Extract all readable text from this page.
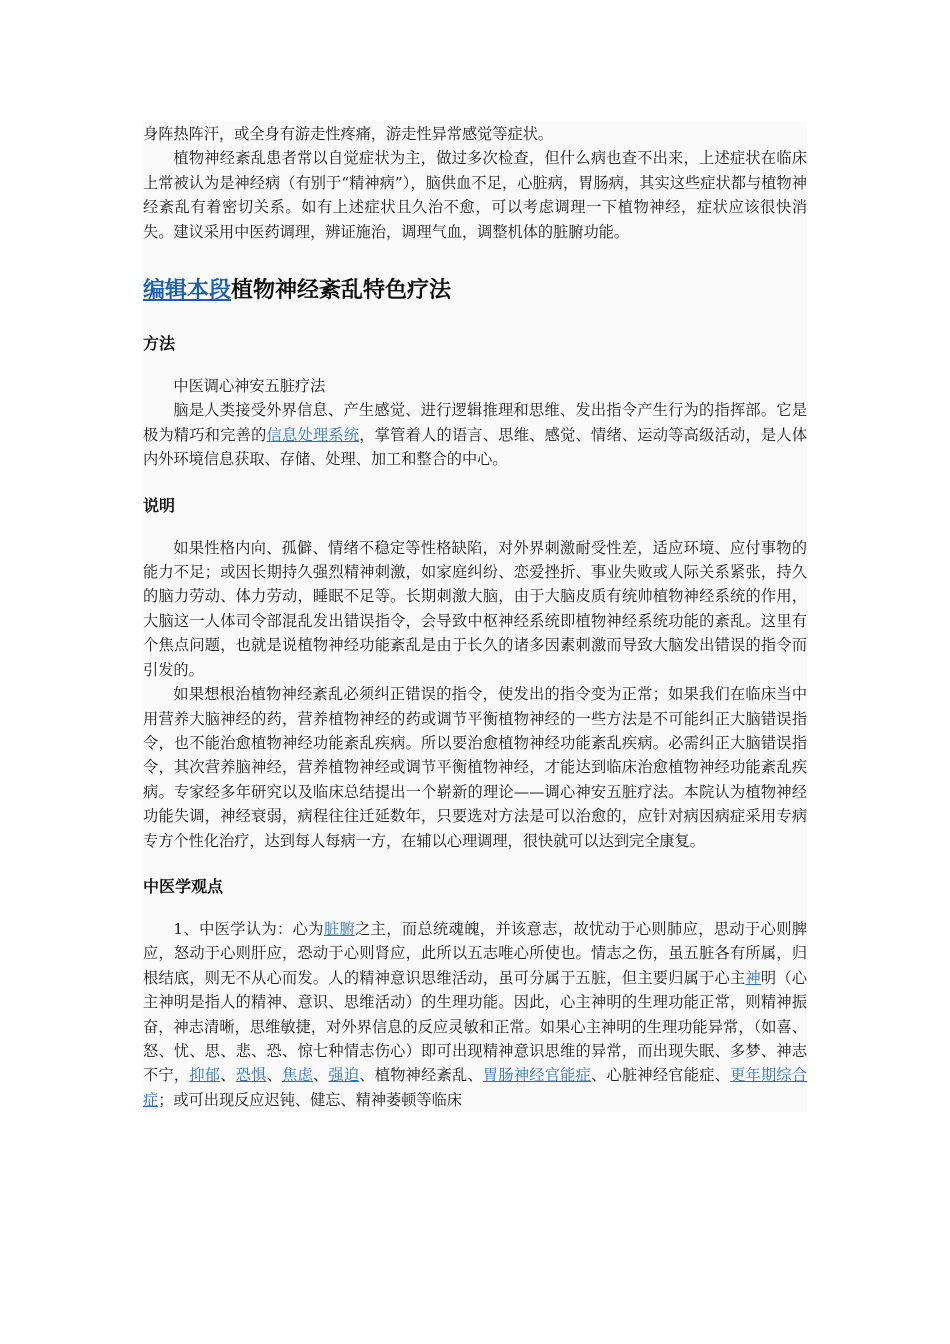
身阵热阵汗，或全身有游走性疼痛，游走性异常感觉等症状。

植物神经紊乱患者常以自觉症状为主，做过多次检查，但什么病也查不出来，上述症状在临床上常被认为是神经病（有别于“精神病”），脑供血不足，心脏病，胃肠病，其实这些症状都与植物神经紊乱有着密切关系。如有上述症状且久治不愈，可以考虑调理一下植物神经，症状应该很快消失。建议采用中医药调理，辨证施治，调理气血，调整机体的脏腑功能。

编辑本段植物神经紊乱特色疗法
方法

中医调心神安五脏疗法

脑是人类接受外界信息、产生感觉、进行逻辑推理和思维、发出指令产生行为的指挥部。它是极为精巧和完善的信息处理系统，掌管着人的语言、思维、感觉、情绪、运动等高级活动，是人体内外环境信息获取、存储、处理、加工和整合的中心。

说明

如果性格内向、孤僻、情绪不稳定等性格缺陷，对外界刺激耐受性差，适应环境、应付事物的能力不足；或因长期持久强烈精神刺激，如家庭纠纷、恋爱挫折、事业失败或人际关系紧张，持久的脑力劳动、体力劳动，睡眠不足等。长期刺激大脑，由于大脑皮质有统帅植物神经系统的作用，大脑这一人体司令部混乱发出错误指令，会导致中枢神经系统即植物神经系统功能的紊乱。这里有个焦点问题，也就是说植物神经功能紊乱是由于长久的诸多因素刺激而导致大脑发出错误的指令而引发的。

如果想根治植物神经紊乱必须纠正错误的指令，使发出的指令变为正常；如果我们在临床当中用营养大脑神经的药，营养植物神经的药或调节平衡植物神经的一些方法是不可能纠正大脑错误指令，也不能治愈植物神经功能紊乱疾病。所以要治愈植物神经功能紊乱疾病。必需纠正大脑错误指令，其次营养脑神经，营养植物神经或调节平衡植物神经，才能达到临床治愈植物神经功能紊乱疾病。专家经多年研究以及临床总结提出一个崭新的理论——调心神安五脏疗法。本院认为植物神经功能失调，神经衰弱，病程往往迁延数年，只要选对方法是可以治愈的，应针对病因病症采用专病专方个性化治疗，达到每人每病一方，在辅以心理调理，很快就可以达到完全康复。

中医学观点

1、中医学认为：心为脏腑之主，而总统魂魄，并该意志，故忧动于心则肺应，思动于心则脾应，怒动于心则肝应，恐动于心则肾应，此所以五志唯心所使也。情志之伤，虽五脏各有所属，归根结底，则无不从心而发。人的精神意识思维活动，虽可分属于五脏，但主要归属于心主神明（心主神明是指人的精神、意识、思维活动）的生理功能。因此，心主神明的生理功能正常，则精神振奋，神志清晰，思维敏捷，对外界信息的反应灵敏和正常。如果心主神明的生理功能异常，（如喜、怒、忧、思、悲、恐、惊七种情志伤心）即可出现精神意识思维的异常，而出现失眠、多梦、神志不宁，抑郁、恐惧、焦虑、强迫、植物神经紊乱、胃肠神经官能症、心脏神经官能症、更年期综合症；或可出现反应迟钝、健忘、精神萎顿等临床
